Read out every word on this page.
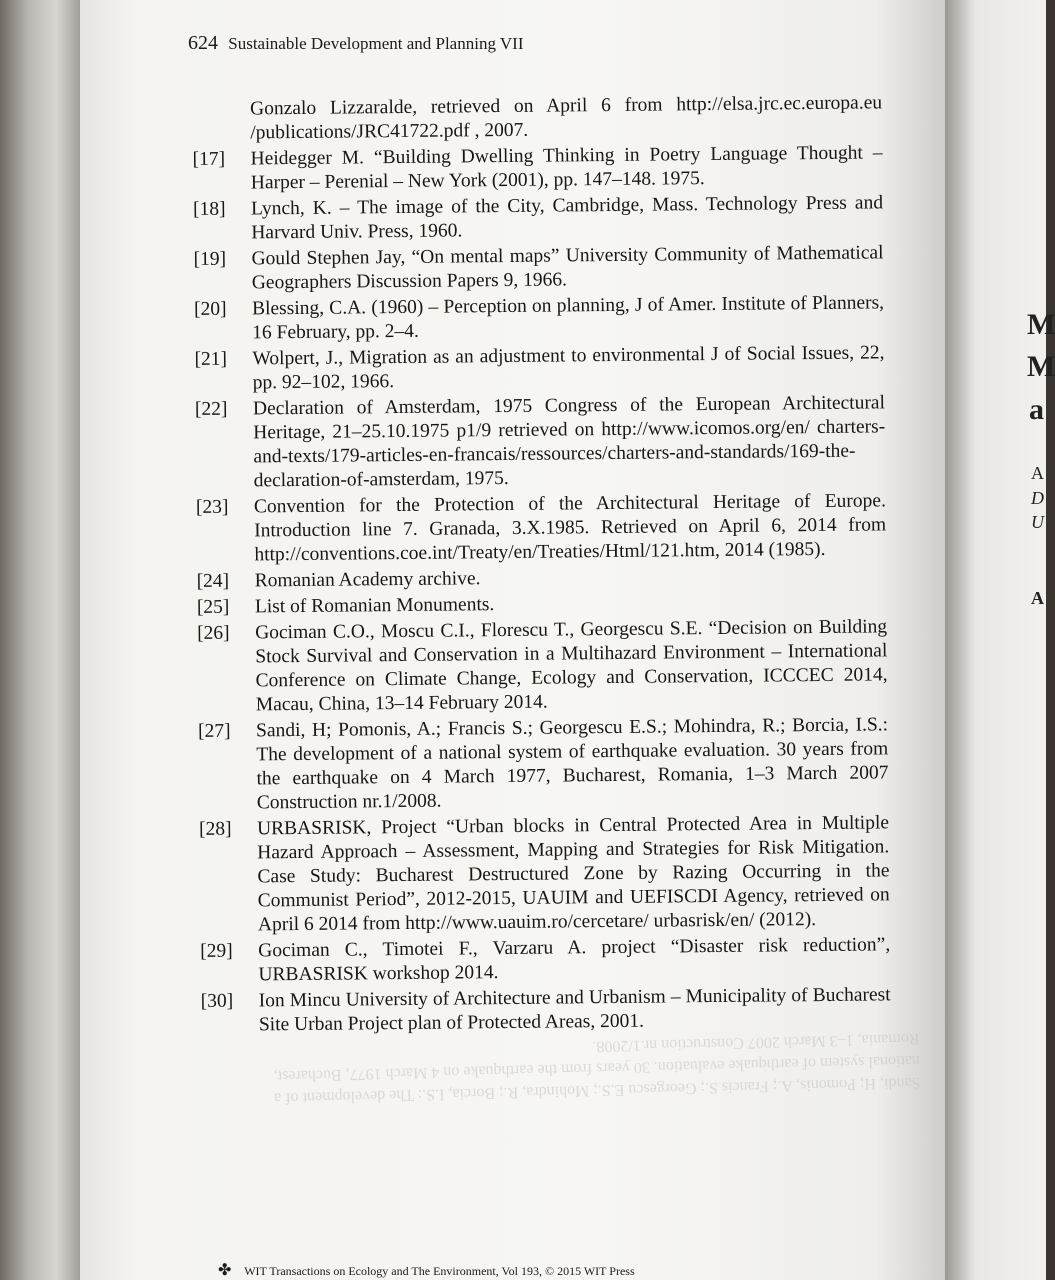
M
M
a
A
D
U
A
624 Sustainable Development and Planning VII
Sandi, H; Pomonis, A.; Francis S.; Georgescu E.S.; Mohindra, R.; Borcia, I.S.: The development of a national system of earthquake evaluation. 30 years from the earthquake on 4 March 1977, Bucharest, Romania, 1–3 March 2007 Construction nr.1/2008.
Gonzalo Lizzaralde, retrieved on April 6 from http://elsa.jrc.ec.europa.eu /publications/JRC41722.pdf , 2007.
[17]	Heidegger M. “Building Dwelling Thinking in Poetry Language Thought – Harper – Perenial – New York (2001), pp. 147–148. 1975.
[18]	Lynch, K. – The image of the City, Cambridge, Mass. Technology Press and Harvard Univ. Press, 1960.
[19]	Gould Stephen Jay, “On mental maps” University Community of Mathematical Geographers Discussion Papers 9, 1966.
[20]	Blessing, C.A. (1960) – Perception on planning, J of Amer. Institute of Planners, 16 February, pp. 2–4.
[21]	Wolpert, J., Migration as an adjustment to environmental J of Social Issues, 22, pp. 92–102, 1966.
[22]	Declaration of Amsterdam, 1975 Congress of the European Architectural Heritage, 21–25.10.1975 p1/9 retrieved on http://www.icomos.org/en/ charters-and-texts/179-articles-en-francais/ressources/charters-and-standards/169-the-declaration-of-amsterdam, 1975.
[23]	Convention for the Protection of the Architectural Heritage of Europe. Introduction line 7. Granada, 3.X.1985. Retrieved on April 6, 2014 from http://conventions.coe.int/Treaty/en/Treaties/Html/121.htm, 2014 (1985).
[24]	Romanian Academy archive.
[25]	List of Romanian Monuments.
[26]	Gociman C.O., Moscu C.I., Florescu T., Georgescu S.E. “Decision on Building Stock Survival and Conservation in a Multihazard Environment – International Conference on Climate Change, Ecology and Conservation, ICCCEC 2014, Macau, China, 13–14 February 2014.
[27]	Sandi, H; Pomonis, A.; Francis S.; Georgescu E.S.; Mohindra, R.; Borcia, I.S.: The development of a national system of earthquake evaluation. 30 years from the earthquake on 4 March 1977, Bucharest, Romania, 1–3 March 2007 Construction nr.1/2008.
[28]	URBASRISK, Project “Urban blocks in Central Protected Area in Multiple Hazard Approach – Assessment, Mapping and Strategies for Risk Mitigation. Case Study: Bucharest Destructured Zone by Razing Occurring in the Communist Period”, 2012-2015, UAUIM and UEFISCDI Agency, retrieved on April 6 2014 from http://www.uauim.ro/cercetare/ urbasrisk/en/ (2012).
[29]	Gociman C., Timotei F., Varzaru A. project “Disaster risk reduction”, URBASRISK workshop 2014.
[30]	Ion Mincu University of Architecture and Urbanism – Municipality of Bucharest Site Urban Project plan of Protected Areas, 2001.
✤ WIT Transactions on Ecology and The Environment, Vol 193, © 2015 WIT Press
